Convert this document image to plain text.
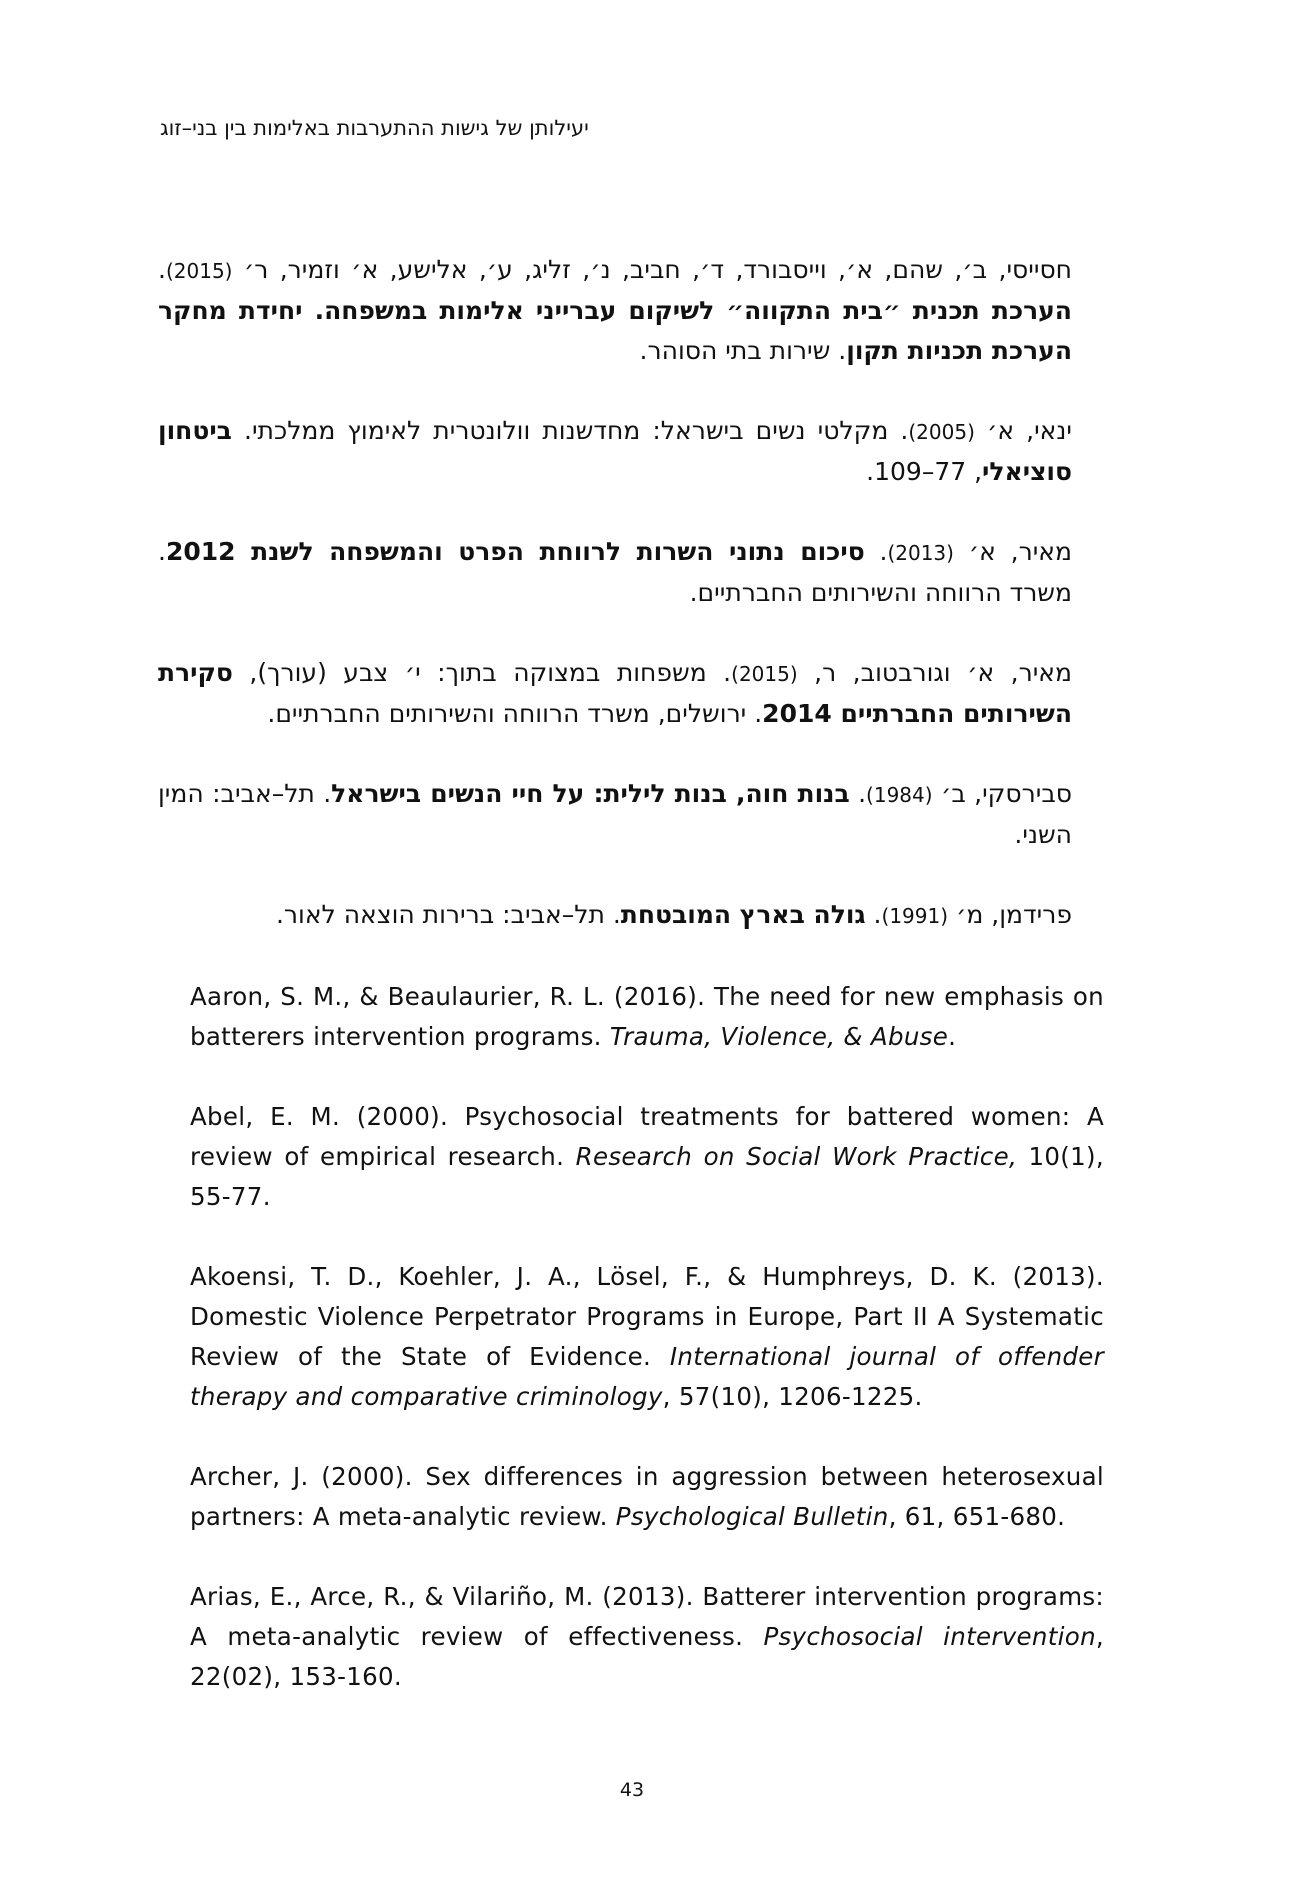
יעילותן של גישות ההתערבות באלימות בין בני–זוג

חסייסי, ב׳, שהם, א׳, וייסבורד, ד׳, חביב, נ׳, זליג, ע׳, אלישע, א׳ וזמיר, ר׳ (2015). הערכת תכנית ״בית התקווה״ לשיקום עברייני אלימות במשפחה. יחידת מחקר הערכת תכניות תקון. שירות בתי הסוהר.

ינאי, א׳ (2005). מקלטי נשים בישראל: מחדשנות וולונטרית לאימוץ ממלכתי. ביטחון סוציאלי, 77–109.

מאיר, א׳ (2013). סיכום נתוני השרות לרווחת הפרט והמשפחה לשנת 2012. משרד הרווחה והשירותים החברתיים.

מאיר, א׳ וגורבטוב, ר, (2015). משפחות במצוקה בתוך: י׳ צבע (עורך), סקירת השירותים החברתיים 2014. ירושלים, משרד הרווחה והשירותים החברתיים.

סבירסקי, ב׳ (1984). בנות חוה, בנות לילית: על חיי הנשים בישראל. תל–אביב: המין השני.

פרידמן, מ׳ (1991). גולה בארץ המובטחת. תל–אביב: ברירות הוצאה לאור.

Aaron, S. M., & Beaulaurier, R. L. (2016). The need for new emphasis on batterers intervention programs. Trauma, Violence, & Abuse.

Abel, E. M. (2000). Psychosocial treatments for battered women: A review of empirical research. Research on Social Work Practice, 10(1), 55-77.

Akoensi, T. D., Koehler, J. A., Lösel, F., & Humphreys, D. K. (2013). Domestic Violence Perpetrator Programs in Europe, Part II A Systematic Review of the State of Evidence. International journal of offender therapy and comparative criminology, 57(10), 1206-1225.

Archer, J. (2000). Sex differences in aggression between heterosexual partners: A meta-analytic review. Psychological Bulletin, 61, 651-680.

Arias, E., Arce, R., & Vilariño, M. (2013). Batterer intervention programs: A meta-analytic review of effectiveness. Psychosocial intervention, 22(02), 153-160.

43
